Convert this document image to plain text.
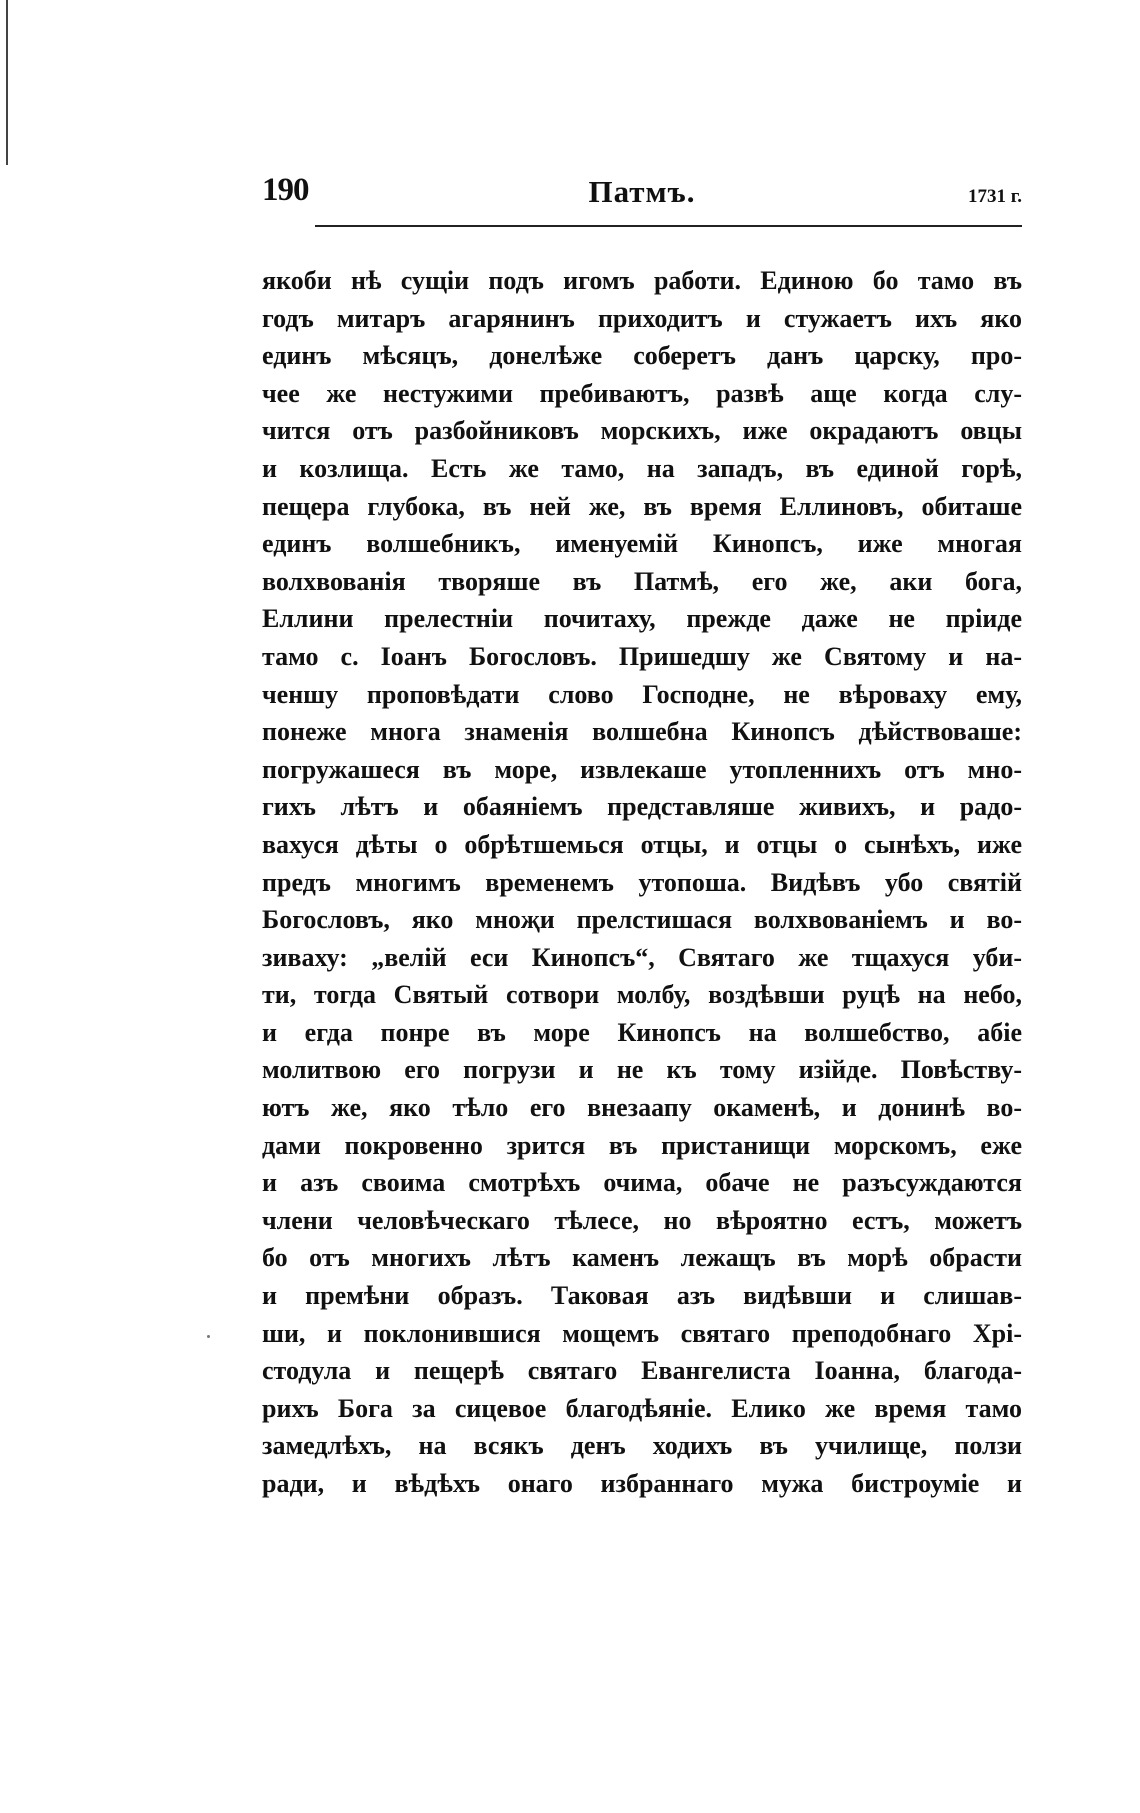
190	Патмъ.	1731 г.
якоби нѣ сущіи подъ игомъ работи. Единою бо тамо въ
годъ митаръ агарянинъ приходитъ и стужаетъ ихъ яко
единъ мѣсяцъ, донелѣже соберетъ данъ царску, про-
чее же нестужими пребиваютъ, развѣ аще когда слу-
чится отъ разбойниковъ морскихъ, иже окрадаютъ овцы
и козлища. Есть же тамо, на западъ, въ единой горѣ,
пещера глубока, въ ней же, въ время Еллиновъ, обиташе
единъ волшебникъ, именуемій Кинопсъ, иже многая
волхвованія творяше въ Патмѣ, его же, аки бога,
Еллини прелестніи почитаху, прежде даже не пріиде
тамо с. Іоанъ Богословъ. Пришедшу же Святому и на-
ченшу проповѣдати слово Господне, не вѣроваху ему,
понеже многа знаменія волшебна Кинопсъ дѣйствоваше:
погружашеся въ море, извлекаше утопленнихъ отъ мно-
гихъ лѣтъ и обаяніемъ представляше живихъ, и радо-
вахуся дѣты о обрѣтшемься отцы, и отцы о сынѣхъ, иже
предъ многимъ временемъ утопоша. Видѣвъ убо святій
Богословъ, яко мноҗи прелстишася волхвованіемъ и во-
зиваху: „велій еси Кинопсъ“, Святаго же тщахуся уби-
ти, тогда Святый сотвори молбу, воздѣвши руцѣ на небо,
и егда понре въ море Кинопсъ на волшебство, абіе
молитвою его погрузи и не къ тому изійде. Повѣству-
ютъ же, яко тѣло его внезаапу окаменѣ, и донинѣ во-
дами покровенно зрится въ пристанищи морскомъ, еже
и азъ своима смотрѣхъ очима, обаче не разъсуждаются
члени человѣческаго тѣлесе, но вѣроятно естъ, можетъ
бо отъ многихъ лѣтъ каменъ лежащъ въ морѣ обрасти
и премѣни образъ. Таковая азъ видѣвши и слишав-
ши, и поклонившися мощемъ святаго преподобнаго Хрі-
стодула и пещерѣ святаго Евангелиста Іоанна, благода-
рихъ Бога за сицевое благодѣяніе. Елико же время тамо
замедлѣхъ, на всякъ денъ ходихъ въ училище, ползи
ради, и вѣдѣхъ онаго избраннаго мужа бистроуміе и
